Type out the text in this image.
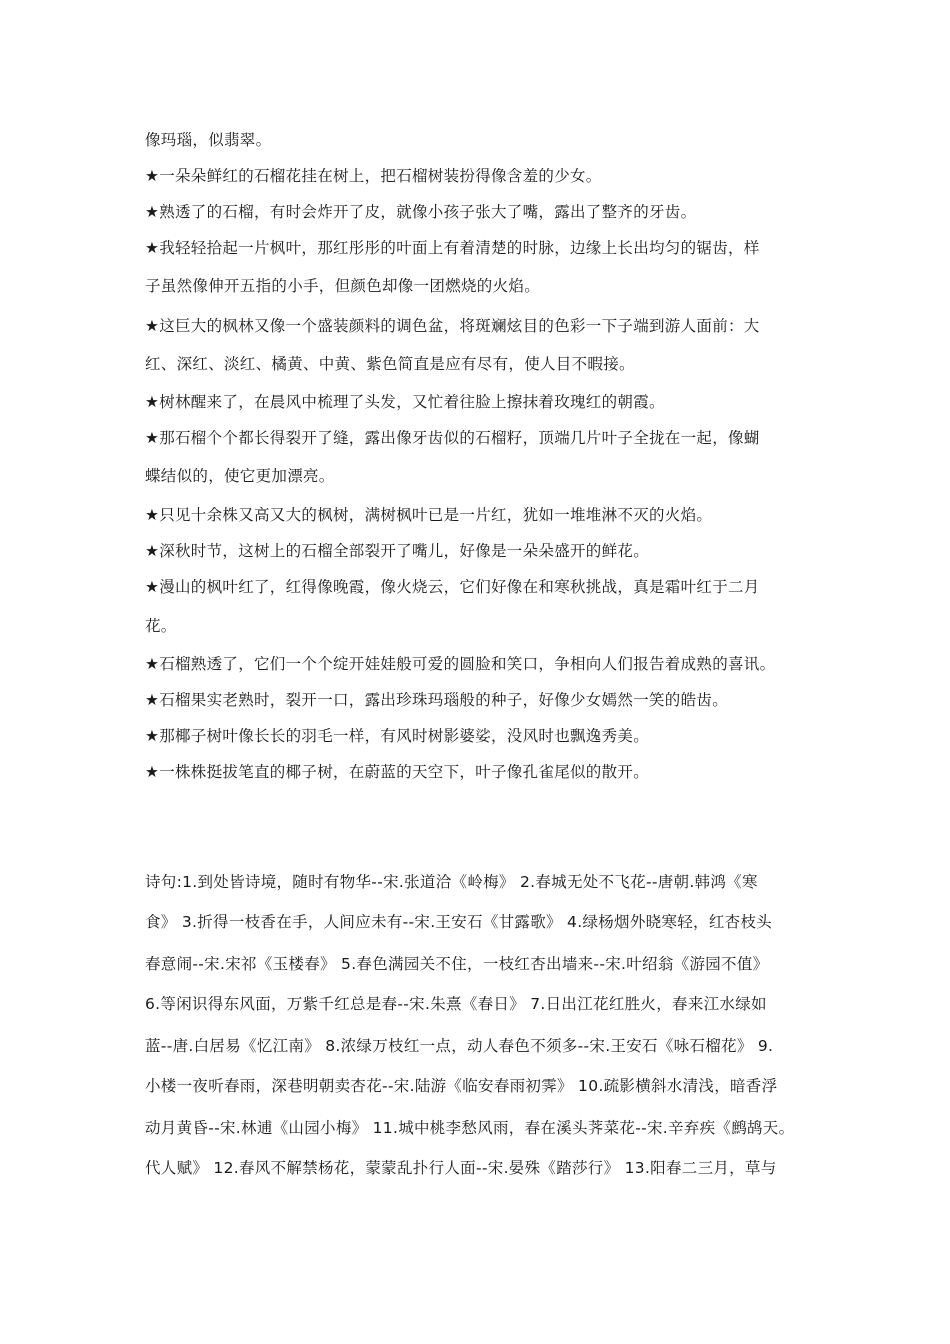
像玛瑙，似翡翠。
★一朵朵鲜红的石榴花挂在树上，把石榴树装扮得像含羞的少女。
★熟透了的石榴，有时会炸开了皮，就像小孩子张大了嘴，露出了整齐的牙齿。
★我轻轻拾起一片枫叶，那红彤彤的叶面上有着清楚的时脉，边缘上长出均匀的锯齿，样
子虽然像伸开五指的小手，但颜色却像一团燃烧的火焰。
★这巨大的枫林又像一个盛装颜料的调色盆，将斑斓炫目的色彩一下子端到游人面前：大
红、深红、淡红、橘黄、中黄、紫色简直是应有尽有，使人目不暇接。
★树林醒来了，在晨风中梳理了头发，又忙着往脸上擦抹着玫瑰红的朝霞。
★那石榴个个都长得裂开了缝，露出像牙齿似的石榴籽，顶端几片叶子全拢在一起，像蝴
蝶结似的，使它更加漂亮。
★只见十余株又高又大的枫树，满树枫叶已是一片红，犹如一堆堆淋不灭的火焰。
★深秋时节，这树上的石榴全部裂开了嘴儿，好像是一朵朵盛开的鲜花。
★漫山的枫叶红了，红得像晚霞，像火烧云，它们好像在和寒秋挑战，真是霜叶红于二月
花。
★石榴熟透了，它们一个个绽开娃娃般可爱的圆脸和笑口，争相向人们报告着成熟的喜讯。
★石榴果实老熟时，裂开一口，露出珍珠玛瑙般的种子，好像少女嫣然一笑的皓齿。
★那椰子树叶像长长的羽毛一样，有风时树影婆娑，没风时也飘逸秀美。
★一株株挺拔笔直的椰子树，在蔚蓝的天空下，叶子像孔雀尾似的散开。
诗句:1.到处皆诗境，随时有物华--宋.张道洽《岭梅》 2.春城无处不飞花--唐朝.韩鸿《寒
食》 3.折得一枝香在手，人间应未有--宋.王安石《甘露歌》 4.绿杨烟外晓寒轻，红杏枝头
春意闹--宋.宋祁《玉楼春》 5.春色满园关不住，一枝红杏出墙来--宋.叶绍翁《游园不值》
6.等闲识得东风面，万紫千红总是春--宋.朱熹《春日》 7.日出江花红胜火，春来江水绿如
蓝--唐.白居易《忆江南》 8.浓绿万枝红一点，动人春色不须多--宋.王安石《咏石榴花》 9.
小楼一夜听春雨，深巷明朝卖杏花--宋.陆游《临安春雨初霁》 10.疏影横斜水清浅，暗香浮
动月黄昏--宋.林逋《山园小梅》 11.城中桃李愁风雨，春在溪头荠菜花--宋.辛弃疾《鹧鸪天。
代人赋》 12.春风不解禁杨花，蒙蒙乱扑行人面--宋.晏殊《踏莎行》 13.阳春二三月，草与
